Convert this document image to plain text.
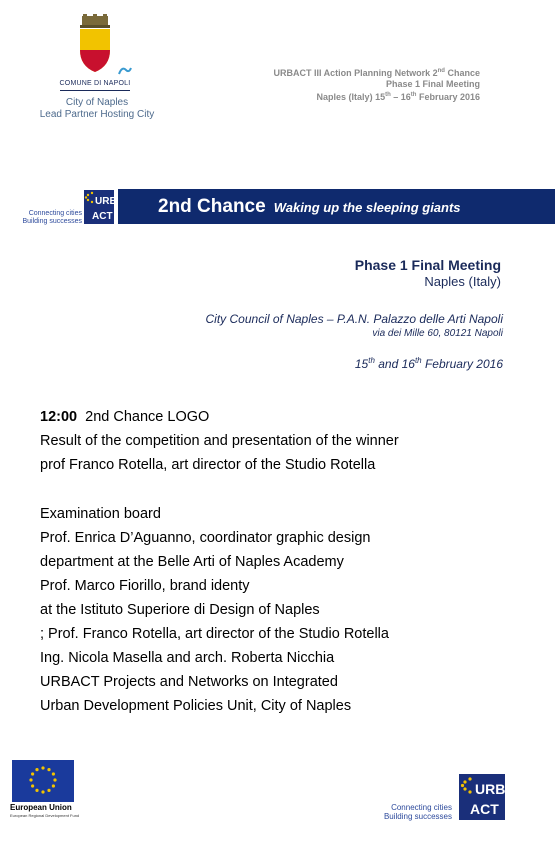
COMUNE DI NAPOLI
City of Naples
Lead Partner Hosting City
URBACT III Action Planning Network 2nd Chance
Phase 1 Final Meeting
Naples (Italy) 15th – 16th February 2016
Connecting cities
Building successes
URB
ACT 2nd Chance Waking up the sleeping giants
Phase 1 Final Meeting
Naples (Italy)
City Council of Naples – P.A.N. Palazzo delle Arti Napoli
via dei Mille 60, 80121 Napoli
15th and 16th February 2016
12:00 2nd Chance LOGO
Result of the competition and presentation of the winner
prof Franco Rotella, art director of the Studio Rotella
Examination board
Prof. Enrica D’Aguanno, coordinator graphic design
department at the Belle Arti of Naples Academy
Prof. Marco Fiorillo, brand identy
at the Istituto Superiore di Design of Naples
; Prof. Franco Rotella, art director of the Studio Rotella
Ing. Nicola Masella and arch. Roberta Nicchia
URBACT Projects and Networks on Integrated
Urban Development Policies Unit, City of Naples
European Union
European Regional Development Fund
Connecting cities
Building successes
URB
ACT
